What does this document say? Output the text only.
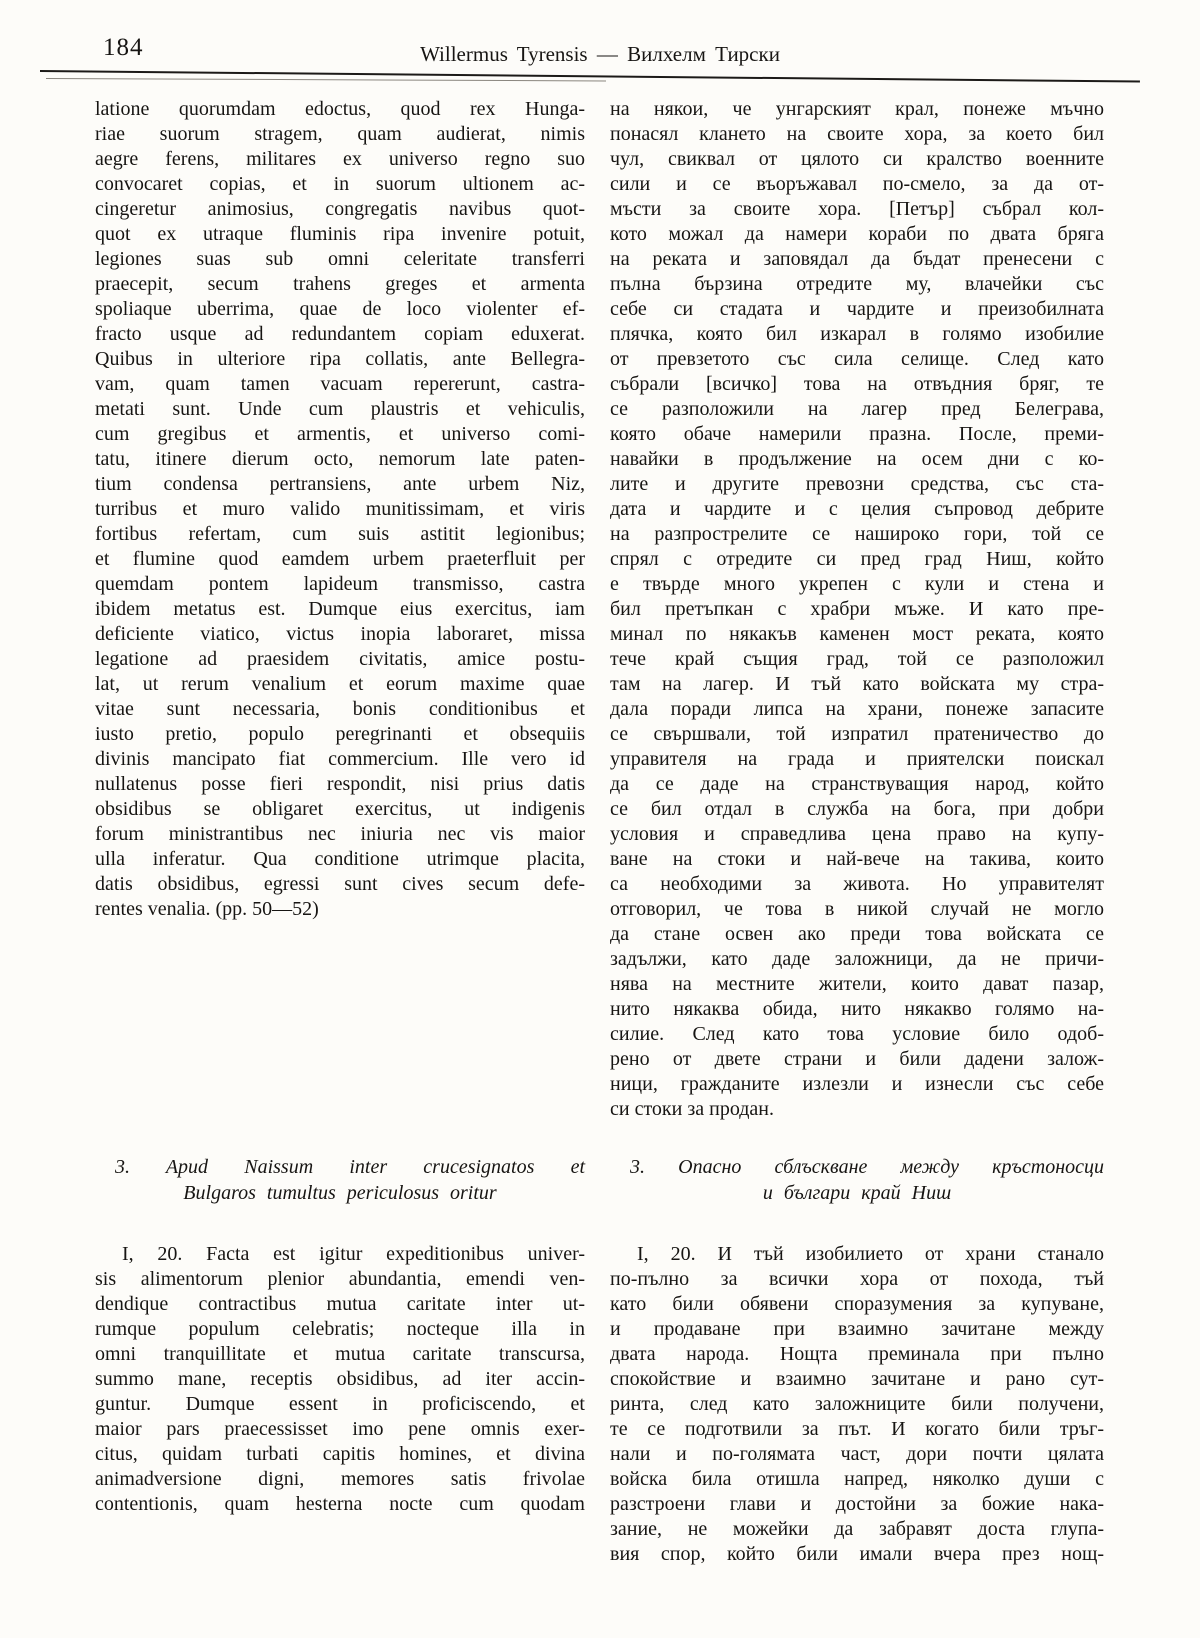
184	Willermus Tyrensis — Вилхелм Тирски
latione quorumdam edoctus, quod rex Hunga-
riae suorum stragem, quam audierat, nimis
aegre ferens, militares ex universo regno suo
convocaret copias, et in suorum ultionem ac-
cingeretur animosius, congregatis navibus quot-
quot ex utraque fluminis ripa invenire potuit,
legiones suas sub omni celeritate transferri
praecepit, secum trahens greges et armenta
spoliaque uberrima, quae de loco violenter ef-
fracto usque ad redundantem copiam eduxerat.
Quibus in ulteriore ripa collatis, ante Bellegra-
vam, quam tamen vacuam repererunt, castra-
metati sunt. Unde cum plaustris et vehiculis,
cum gregibus et armentis, et universo comi-
tatu, itinere dierum octo, nemorum late paten-
tium condensa pertransiens, ante urbem Niz,
turribus et muro valido munitissimam, et viris
fortibus refertam, cum suis astitit legionibus;
et flumine quod eamdem urbem praeterfluit per
quemdam pontem lapideum transmisso, castra
ibidem metatus est. Dumque eius exercitus, iam
deficiente viatico, victus inopia laboraret, missa
legatione ad praesidem civitatis, amice postu-
lat, ut rerum venalium et eorum maxime quae
vitae sunt necessaria, bonis conditionibus et
iusto pretio, populo peregrinanti et obsequiis
divinis mancipato fiat commercium. Ille vero id
nullatenus posse fieri respondit, nisi prius datis
obsidibus se obligaret exercitus, ut indigenis
forum ministrantibus nec iniuria nec vis maior
ulla inferatur. Qua conditione utrimque placita,
datis obsidibus, egressi sunt cives secum defe-
rentes venalia. (pp. 50—52)
3. Apud Naissum inter crucesignatos et
Bulgaros tumultus periculosus oritur
I, 20. Facta est igitur expeditionibus univer-
sis alimentorum plenior abundantia, emendi ven-
dendique contractibus mutua caritate inter ut-
rumque populum celebratis; nocteque illa in
omni tranquillitate et mutua caritate transcursa,
summo mane, receptis obsidibus, ad iter accin-
guntur. Dumque essent in proficiscendo, et
maior pars praecessisset imo pene omnis exer-
citus, quidam turbati capitis homines, et divina
animadversione digni, memores satis frivolae
contentionis, quam hesterna nocte cum quodam
на някои, че унгарският крал, понеже мъчно
понасял клането на своите хора, за което бил
чул, свиквал от цялото си кралство военните
сили и се въоръжавал по-смело, за да от-
мъсти за своите хора. [Петър] събрал кол-
кото можал да намери кораби по двата бряга
на реката и заповядал да бъдат пренесени с
пълна бързина отредите му, влачейки със
себе си стадата и чардите и преизобилната
плячка, която бил изкарал в голямо изобилие
от превзетото със сила селище. След като
събрали [всичко] това на отвъдния бряг, те
се разположили на лагер пред Белеграва,
която обаче намерили празна. После, преми-
навайки в продължение на осем дни с ко-
лите и другите превозни средства, със ста-
дата и чардите и с целия съпровод дебрите
на разпрострелите се нашироко гори, той се
спрял с отредите си пред град Ниш, който
е твърде много укрепен с кули и стена и
бил претъпкан с храбри мъже. И като пре-
минал по някакъв каменен мост реката, която
тече край същия град, той се разположил
там на лагер. И тъй като войската му стра-
дала поради липса на храни, понеже запасите
се свършвали, той изпратил пратеничество до
управителя на града и приятелски поискал
да се даде на странствуващия народ, който
се бил отдал в служба на бога, при добри
условия и справедлива цена право на купу-
ване на стоки и най-вече на такива, които
са необходими за живота. Но управителят
отговорил, че това в никой случай не могло
да стане освен ако преди това войската се
задължи, като даде заложници, да не причи-
нява на местните жители, които дават пазар,
нито някаква обида, нито някакво голямо на-
силие. След като това условие било одоб-
рено от двете страни и били дадени залож-
ници, гражданите излезли и изнесли със себе
си стоки за продан.
3. Опасно сблъскване между кръстоносци
и българи край Ниш
I, 20. И тъй изобилието от храни станало
по-пълно за всички хора от похода, тъй
като били обявени споразумения за купуване,
и продаване при взаимно зачитане между
двата народа. Нощта преминала при пълно
спокойствие и взаимно зачитане и рано сут-
ринта, след като заложниците били получени,
те се подготвили за път. И когато били тръг-
нали и по-голямата част, дори почти цялата
войска била отишла напред, няколко души с
разстроени глави и достойни за божие нака-
зание, не можейки да забравят доста глупа-
вия спор, който били имали вчера през нощ-
